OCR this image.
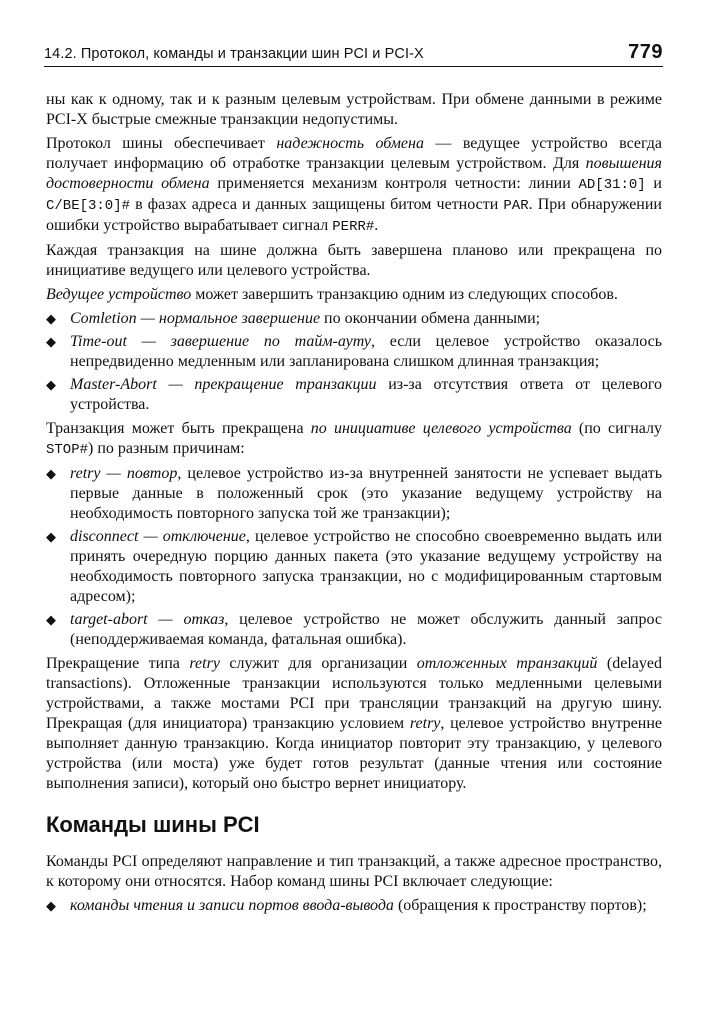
14.2. Протокол, команды и транзакции шин PCI и PCI-X	779

ны как к одному, так и к разным целевым устройствам. При обмене данными в режиме PCI-X быстрые смежные транзакции недопустимы.

Протокол шины обеспечивает надежность обмена — ведущее устройство всегда получает информацию об отработке транзакции целевым устройством. Для повышения достоверности обмена применяется механизм контроля четности: линии AD[31:0] и C/BE[3:0]# в фазах адреса и данных защищены битом четности PAR. При обнаружении ошибки устройство вырабатывает сигнал PERR#.

Каждая транзакция на шине должна быть завершена планово или прекращена по инициативе ведущего или целевого устройства.

Ведущее устройство может завершить транзакцию одним из следующих способов.

◆ Comletion — нормальное завершение по окончании обмена данными;
◆ Time-out — завершение по тайм-ауту, если целевое устройство оказалось непредвиденно медленным или запланирована слишком длинная транзакция;
◆ Master-Abort — прекращение транзакции из-за отсутствия ответа от целевого устройства.

Транзакция может быть прекращена по инициативе целевого устройства (по сигналу STOP#) по разным причинам:

◆ retry — повтор, целевое устройство из-за внутренней занятости не успевает выдать первые данные в положенный срок (это указание ведущему устройству на необходимость повторного запуска той же транзакции);
◆ disconnect — отключение, целевое устройство не способно своевременно выдать или принять очередную порцию данных пакета (это указание ведущему устройству на необходимость повторного запуска транзакции, но с модифицированным стартовым адресом);
◆ target-abort — отказ, целевое устройство не может обслужить данный запрос (неподдерживаемая команда, фатальная ошибка).

Прекращение типа retry служит для организации отложенных транзакций (delayed transactions). Отложенные транзакции используются только медленными целевыми устройствами, а также мостами PCI при трансляции транзакций на другую шину. Прекращая (для инициатора) транзакцию условием retry, целевое устройство внутренне выполняет данную транзакцию. Когда инициатор повторит эту транзакцию, у целевого устройства (или моста) уже будет готов результат (данные чтения или состояние выполнения записи), который оно быстро вернет инициатору.

Команды шины PCI

Команды PCI определяют направление и тип транзакций, а также адресное пространство, к которому они относятся. Набор команд шины PCI включает следующие:

◆ команды чтения и записи портов ввода-вывода (обращения к пространству портов);
